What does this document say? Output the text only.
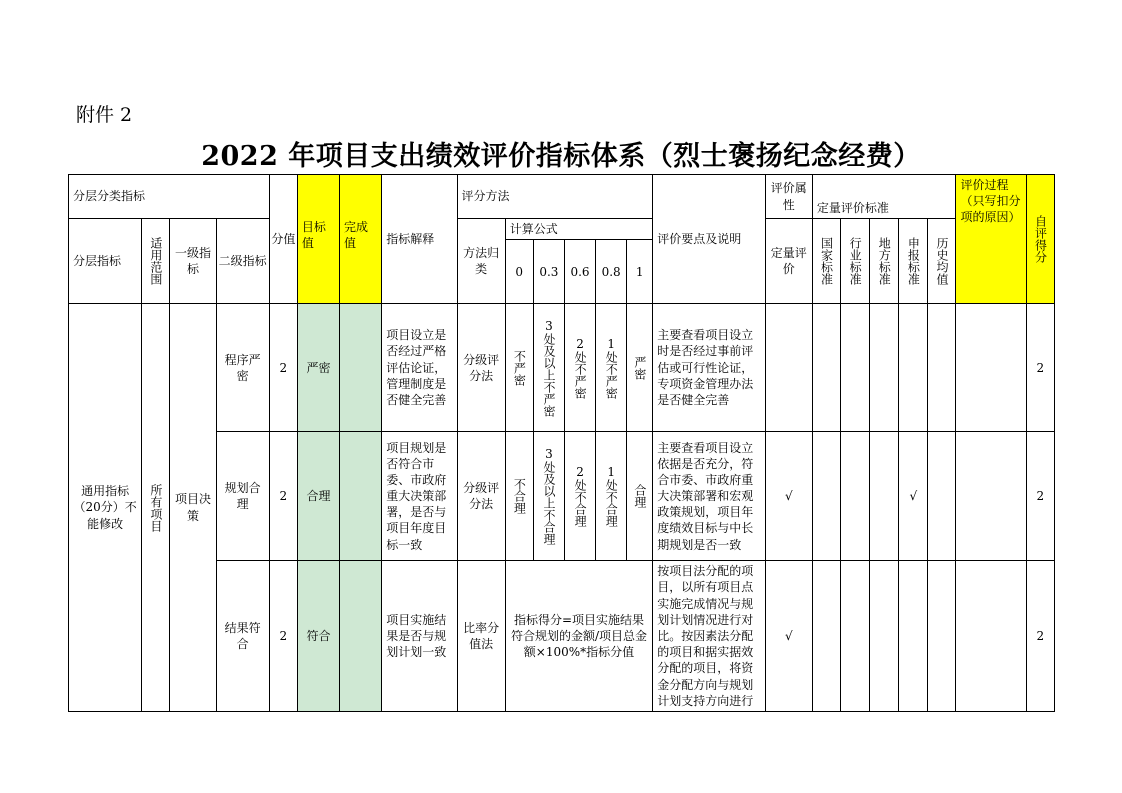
附件 2
2022 年项目支出绩效评价指标体系（烈士褒扬纪念经费）
分层分类指标				分值	目标值	完成值	指标解释	评分方法						评价要点及说明	评价属性	定量评价标准					评价过程（只写扣分项的原因）	自评得分

分层指标	适用范围	一级指标	二级指标					方法归类	计算公式						定量评价	国家标准	行业标准	地方标准	申报标准	历史均值		

									0	0.3	0.6	0.8	1									
通用指标（20分）不能修改	所有项目	项目决策	程序严密	2	严密		项目设立是否经过严格评估论证，管理制度是否健全完善	分级评分法	不严密	3处及以上不严密	2处不严密	1处不严密	严密	主要查看项目设立时是否经过事前评估或可行性论证，专项资金管理办法是否健全完善								2
			规划合理	2	合理		项目规划是否符合市委、市政府重大决策部署，是否与项目年度目标一致	分级评分法	不合理	3处及以上不合理	2处不合理	1处不合理	合理	主要查看项目设立依据是否充分，符合市委、市政府重大决策部署和宏观政策规划，项目年度绩效目标与中长期规划是否一致	√				√			2
			结果符合	2	符合		项目实施结果是否与规划计划一致	比率分值法	指标得分=项目实施结果符合规划的金额/项目总金额×100%*指标分值					按项目法分配的项目，以所有项目点实施完成情况与规划计划情况进行对比。按因素法分配的项目和据实据效分配的项目，将资金分配方向与规划计划支持方向进行	√							2
